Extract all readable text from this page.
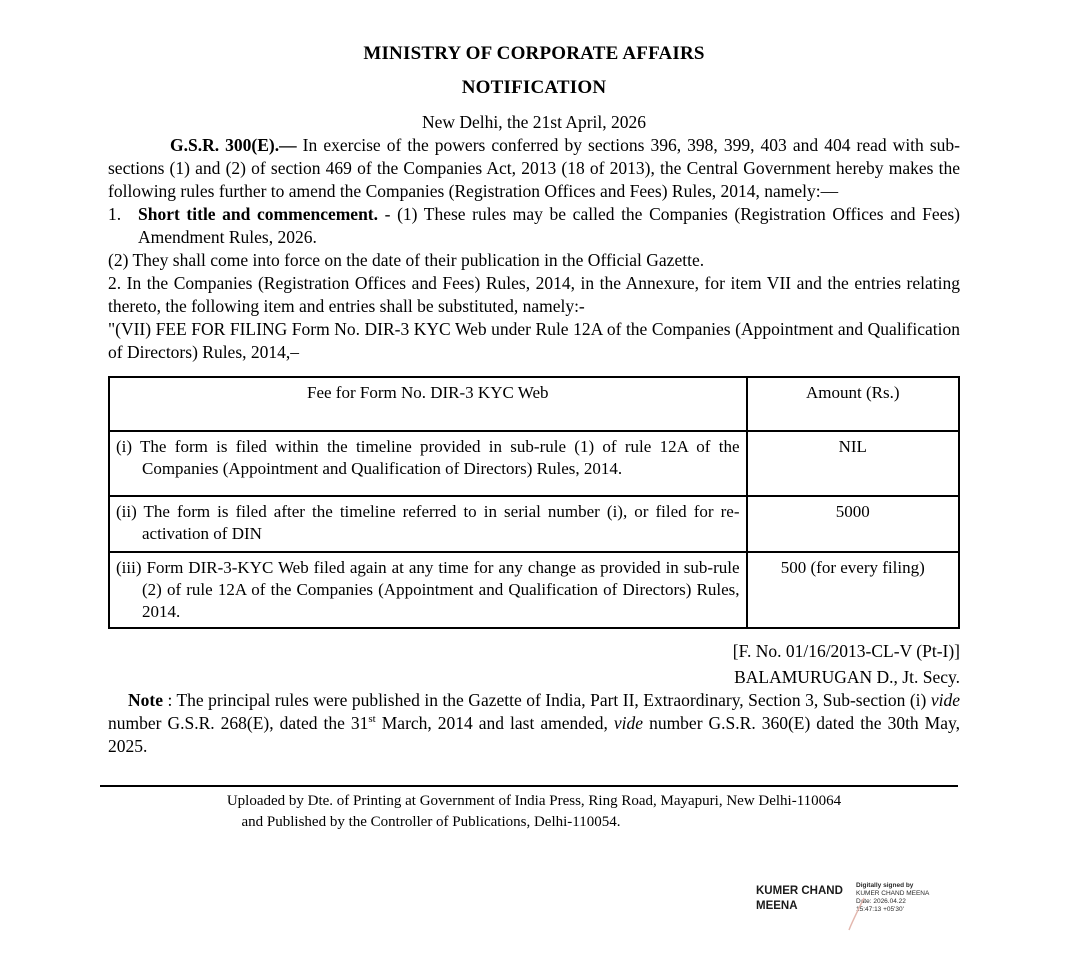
MINISTRY OF CORPORATE AFFAIRS
NOTIFICATION
New Delhi, the 21st April, 2026

G.S.R. 300(E).— In exercise of the powers conferred by sections 396, 398, 399, 403 and 404 read with sub-sections (1) and (2) of section 469 of the Companies Act, 2013 (18 of 2013), the Central Government hereby makes the following rules further to amend the Companies (Registration Offices and Fees) Rules, 2014, namely:—

1. Short title and commencement. - (1) These rules may be called the Companies (Registration Offices and Fees) Amendment Rules, 2026.

(2) They shall come into force on the date of their publication in the Official Gazette.

2. In the Companies (Registration Offices and Fees) Rules, 2014, in the Annexure, for item VII and the entries relating thereto, the following item and entries shall be substituted, namely:-

"(VII) FEE FOR FILING Form No. DIR-3 KYC Web under Rule 12A of the Companies (Appointment and Qualification of Directors) Rules, 2014,–

Fee for Form No. DIR-3 KYC Web	Amount (Rs.)

(i) The form is filed within the timeline provided in sub-rule (1) of rule 12A of the Companies (Appointment and Qualification of Directors) Rules, 2014.	NIL

(ii) The form is filed after the timeline referred to in serial number (i), or filed for re-activation of DIN	5000

(iii) Form DIR-3-KYC Web filed again at any time for any change as provided in sub-rule (2) of rule 12A of the Companies (Appointment and Qualification of Directors) Rules, 2014.	500 (for every filing)
[F. No. 01/16/2013-CL-V (Pt-I)]
BALAMURUGAN D., Jt. Secy.

Note : The principal rules were published in the Gazette of India, Part II, Extraordinary, Section 3, Sub-section (i) vide number G.S.R. 268(E), dated the 31st March, 2014 and last amended, vide number G.S.R. 360(E) dated the 30th May, 2025.

Uploaded by Dte. of Printing at Government of India Press, Ring Road, Mayapuri, New Delhi-110064
and Published by the Controller of Publications, Delhi-110054.
KUMER CHAND MEENA
Digitally signed by
KUMER CHAND MEENA
Date: 2026.04.22
15:47:13 +05'30'
